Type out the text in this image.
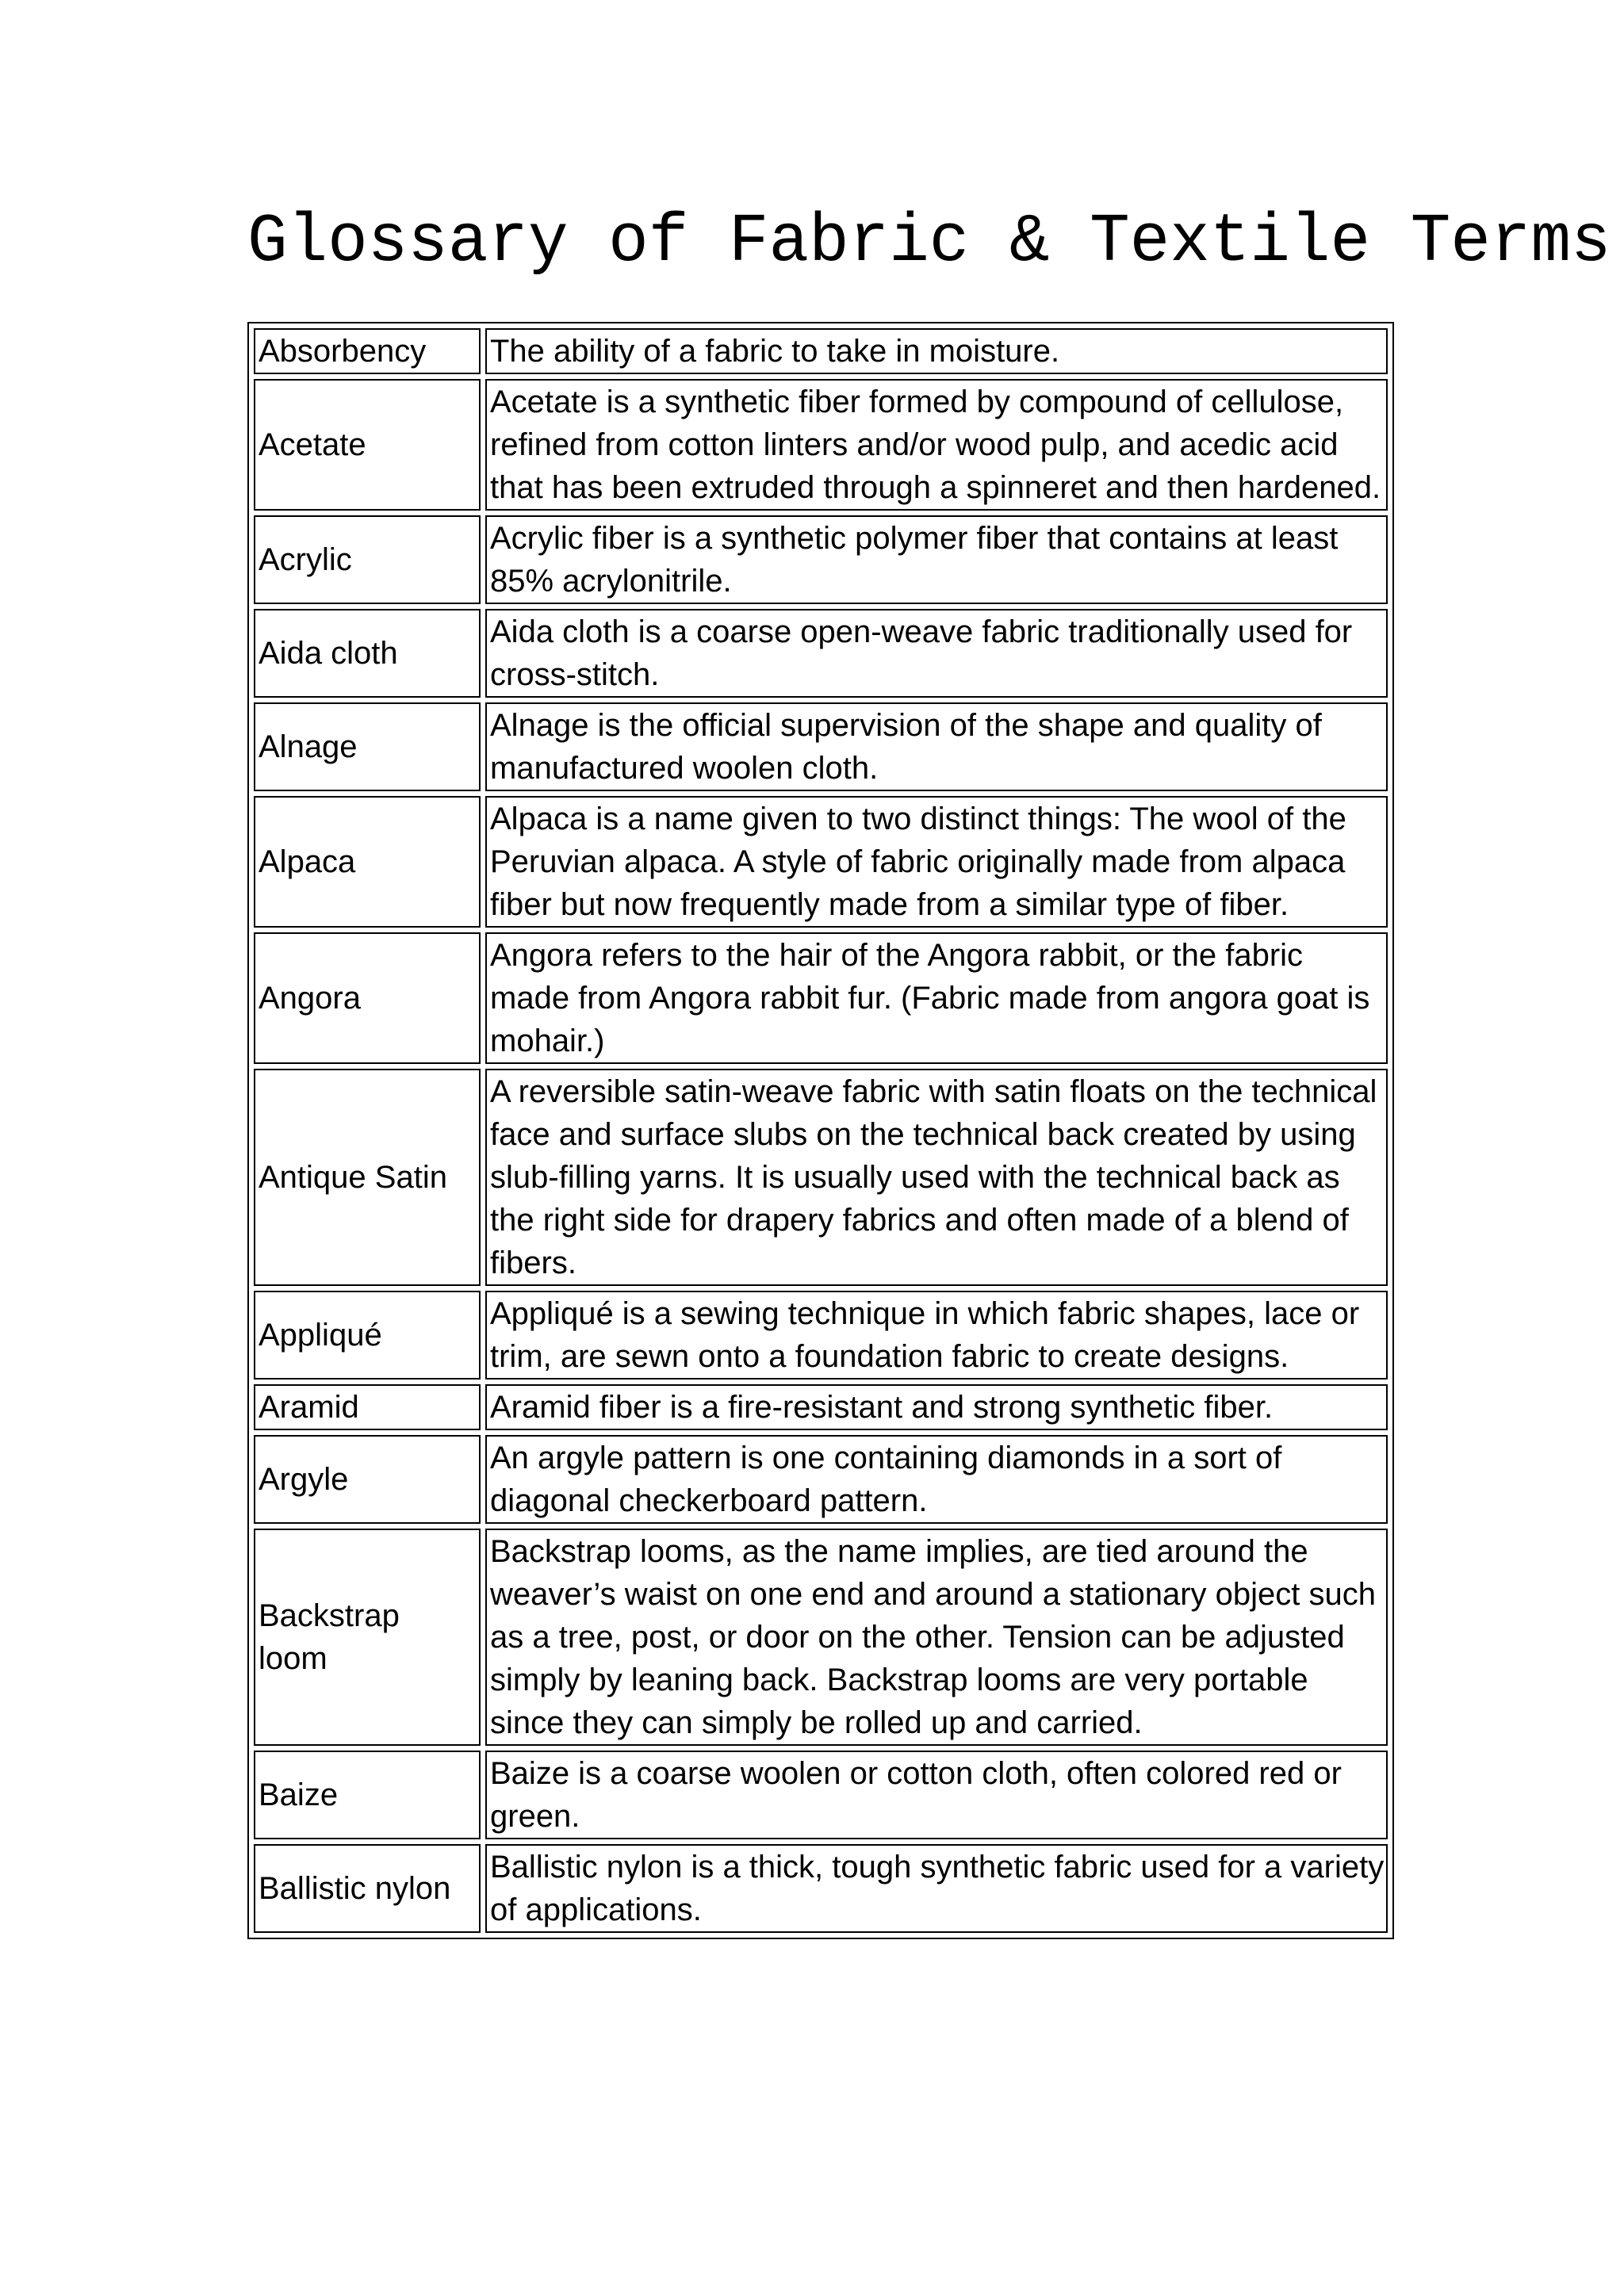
Glossary of Fabric & Textile Terms
Absorbency	The ability of a fabric to take in moisture.
Acetate	Acetate is a synthetic fiber formed by compound of cellulose, refined from cotton linters and/or wood pulp, and acedic acid that has been extruded through a spinneret and then hardened.
Acrylic	Acrylic fiber is a synthetic polymer fiber that contains at least 85% acrylonitrile.
Aida cloth	Aida cloth is a coarse open-weave fabric traditionally used for cross-stitch.
Alnage	Alnage is the official supervision of the shape and quality of manufactured woolen cloth.
Alpaca	Alpaca is a name given to two distinct things: The wool of the Peruvian alpaca. A style of fabric originally made from alpaca fiber but now frequently made from a similar type of fiber.
Angora	Angora refers to the hair of the Angora rabbit, or the fabric made from Angora rabbit fur. (Fabric made from angora goat is mohair.)
Antique Satin	A reversible satin-weave fabric with satin floats on the technical face and surface slubs on the technical back created by using slub-filling yarns. It is usually used with the technical back as the right side for drapery fabrics and often made of a blend of fibers.
Appliqué	Appliqué is a sewing technique in which fabric shapes, lace or trim, are sewn onto a foundation fabric to create designs.
Aramid	Aramid fiber is a fire-resistant and strong synthetic fiber.
Argyle	An argyle pattern is one containing diamonds in a sort of diagonal checkerboard pattern.
Backstrap loom	Backstrap looms, as the name implies, are tied around the weaver’s waist on one end and around a stationary object such as a tree, post, or door on the other. Tension can be adjusted simply by leaning back. Backstrap looms are very portable since they can simply be rolled up and carried.
Baize	Baize is a coarse woolen or cotton cloth, often colored red or green.
Ballistic nylon	Ballistic nylon is a thick, tough synthetic fabric used for a variety of applications.
